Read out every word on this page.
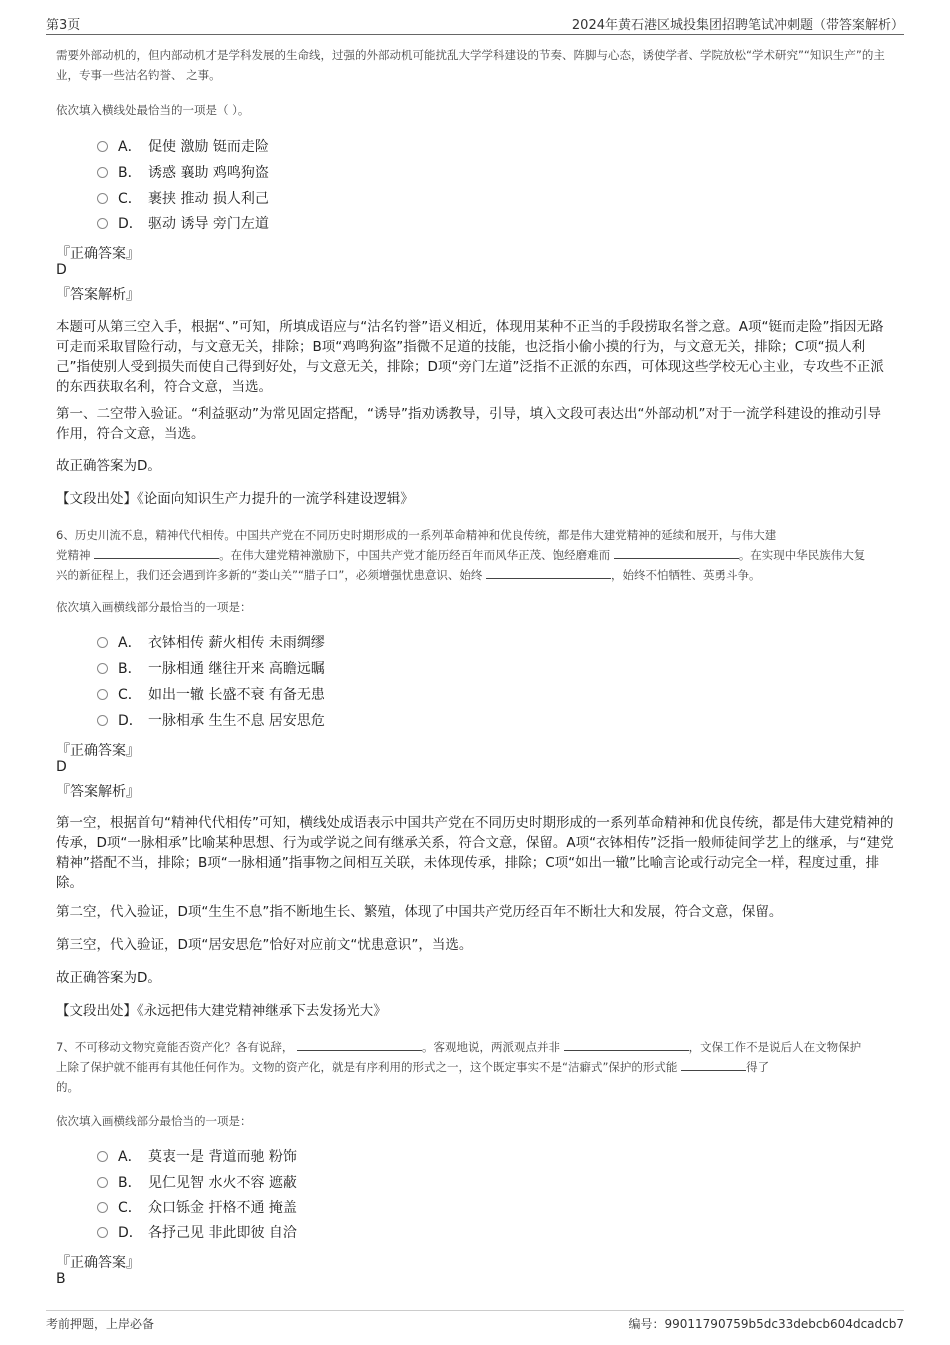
第3页	2024年黄石港区城投集团招聘笔试冲刺题（带答案解析）
需要外部动机的，但内部动机才是学科发展的生命线，过强的外部动机可能扰乱大学学科建设的节奏、阵脚与心态，诱使学者、学院放松“学术研究”“知识生产”的主业，专事一些沽名钓誉、 之事。
依次填入横线处最恰当的一项是（ ）。
A． 促使 激励 铤而走险
B． 诱惑 襄助 鸡鸣狗盗
C． 裹挟 推动 损人利己
D． 驱动 诱导 旁门左道
『正确答案』
D
『答案解析』
本题可从第三空入手，根据“、”可知，所填成语应与“沽名钓誉”语义相近，体现用某种不正当的手段捞取名誉之意。A项“铤而走险”指因无路可走而采取冒险行动，与文意无关，排除；B项“鸡鸣狗盗”指微不足道的技能，也泛指小偷小摸的行为，与文意无关，排除；C项“损人利己”指使别人受到损失而使自己得到好处，与文意无关，排除；D项“旁门左道”泛指不正派的东西，可体现这些学校无心主业，专攻些不正派的东西获取名利，符合文意，当选。
第一、二空带入验证。“利益驱动”为常见固定搭配，“诱导”指劝诱教导，引导，填入文段可表达出“外部动机”对于一流学科建设的推动引导作用，符合文意，当选。
故正确答案为D。
【文段出处】《论面向知识生产力提升的一流学科建设逻辑》
6、历史川流不息，精神代代相传。中国共产党在不同历史时期形成的一系列革命精神和优良传统，都是伟大建党精神的延续和展开，与伟大建
党精神	。在伟大建党精神激励下，中国共产党才能历经百年而风华正茂、饱经磨难而	。在实现中华民族伟大复
兴的新征程上，我们还会遇到许多新的“娄山关”“腊子口”，必须增强忧患意识、始终	，始终不怕牺牲、英勇斗争。
依次填入画横线部分最恰当的一项是：
A． 衣钵相传 薪火相传 未雨绸缪
B． 一脉相通 继往开来 高瞻远瞩
C． 如出一辙 长盛不衰 有备无患
D． 一脉相承 生生不息 居安思危
『正确答案』
D
『答案解析』
第一空，根据首句“精神代代相传”可知，横线处成语表示中国共产党在不同历史时期形成的一系列革命精神和优良传统，都是伟大建党精神的传承，D项“一脉相承”比喻某种思想、行为或学说之间有继承关系，符合文意，保留。A项“衣钵相传”泛指一般师徒间学艺上的继承，与“建党精神”搭配不当，排除；B项“一脉相通”指事物之间相互关联，未体现传承，排除；C项“如出一辙”比喻言论或行动完全一样，程度过重，排除。
第二空，代入验证，D项“生生不息”指不断地生长、繁殖，体现了中国共产党历经百年不断壮大和发展，符合文意，保留。
第三空，代入验证，D项“居安思危”恰好对应前文“忧患意识”，当选。
故正确答案为D。
【文段出处】《永远把伟大建党精神继承下去发扬光大》
7、不可移动文物究竟能否资产化？各有说辞，	。客观地说，两派观点并非	，文保工作不是说后人在文物保护
上除了保护就不能再有其他任何作为。文物的资产化，就是有序利用的形式之一，这个既定事实不是“洁癖式”保护的形式能	得了
的。
依次填入画横线部分最恰当的一项是：
A． 莫衷一是 背道而驰 粉饰
B． 见仁见智 水火不容 遮蔽
C． 众口铄金 扞格不通 掩盖
D． 各抒己见 非此即彼 自洽
『正确答案』
B
考前押题，上岸必备	编号：99011790759b5dc33debcb604dcadcb7
